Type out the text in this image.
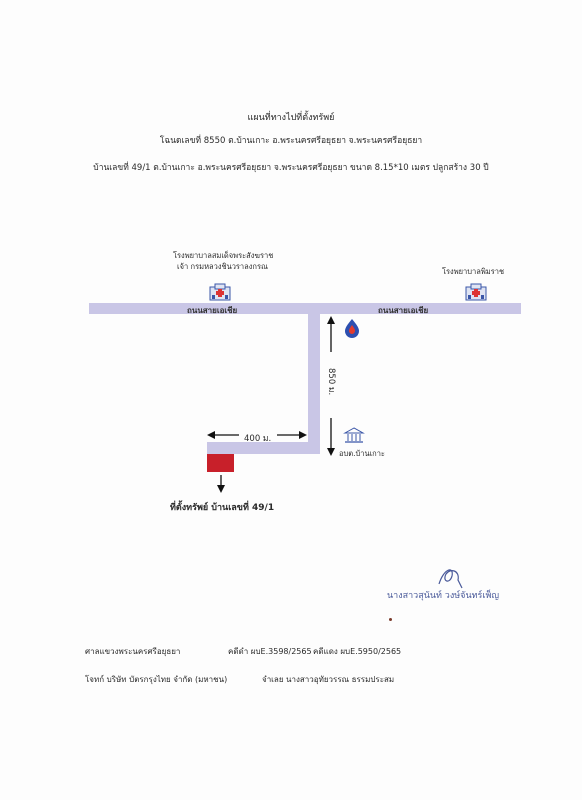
แผนที่ทางไปที่ตั้งทรัพย์
โฉนดเลขที่ 8550 ต.บ้านเกาะ อ.พระนครศรีอยุธยา จ.พระนครศรีอยุธยา
บ้านเลขที่ 49/1 ต.บ้านเกาะ อ.พระนครศรีอยุธยา จ.พระนครศรีอยุธยา ขนาด 8.15*10 เมตร ปลูกสร้าง 30 ปี
โรงพยาบาลสมเด็จพระสังฆราช
เจ้า กรมหลวงชินวราลงกรณ
โรงพยาบาลพิมราช
ถนนสายเอเชีย	ถนนสายเอเชีย
850 ม.
400 ม.
อบต.บ้านเกาะ
ที่ตั้งทรัพย์ บ้านเลขที่ 49/1
นางสาวสุนันท์ วงษ์จันทร์เพ็ญ
ศาลแขวงพระนครศรีอยุธยา	คดีดำ ผบE.3598/2565 คดีแดง ผบE.5950/2565
โจทก์ บริษัท บัตรกรุงไทย จำกัด (มหาชน)	จำเลย นางสาวอุทัยวรรณ ธรรมประสม
